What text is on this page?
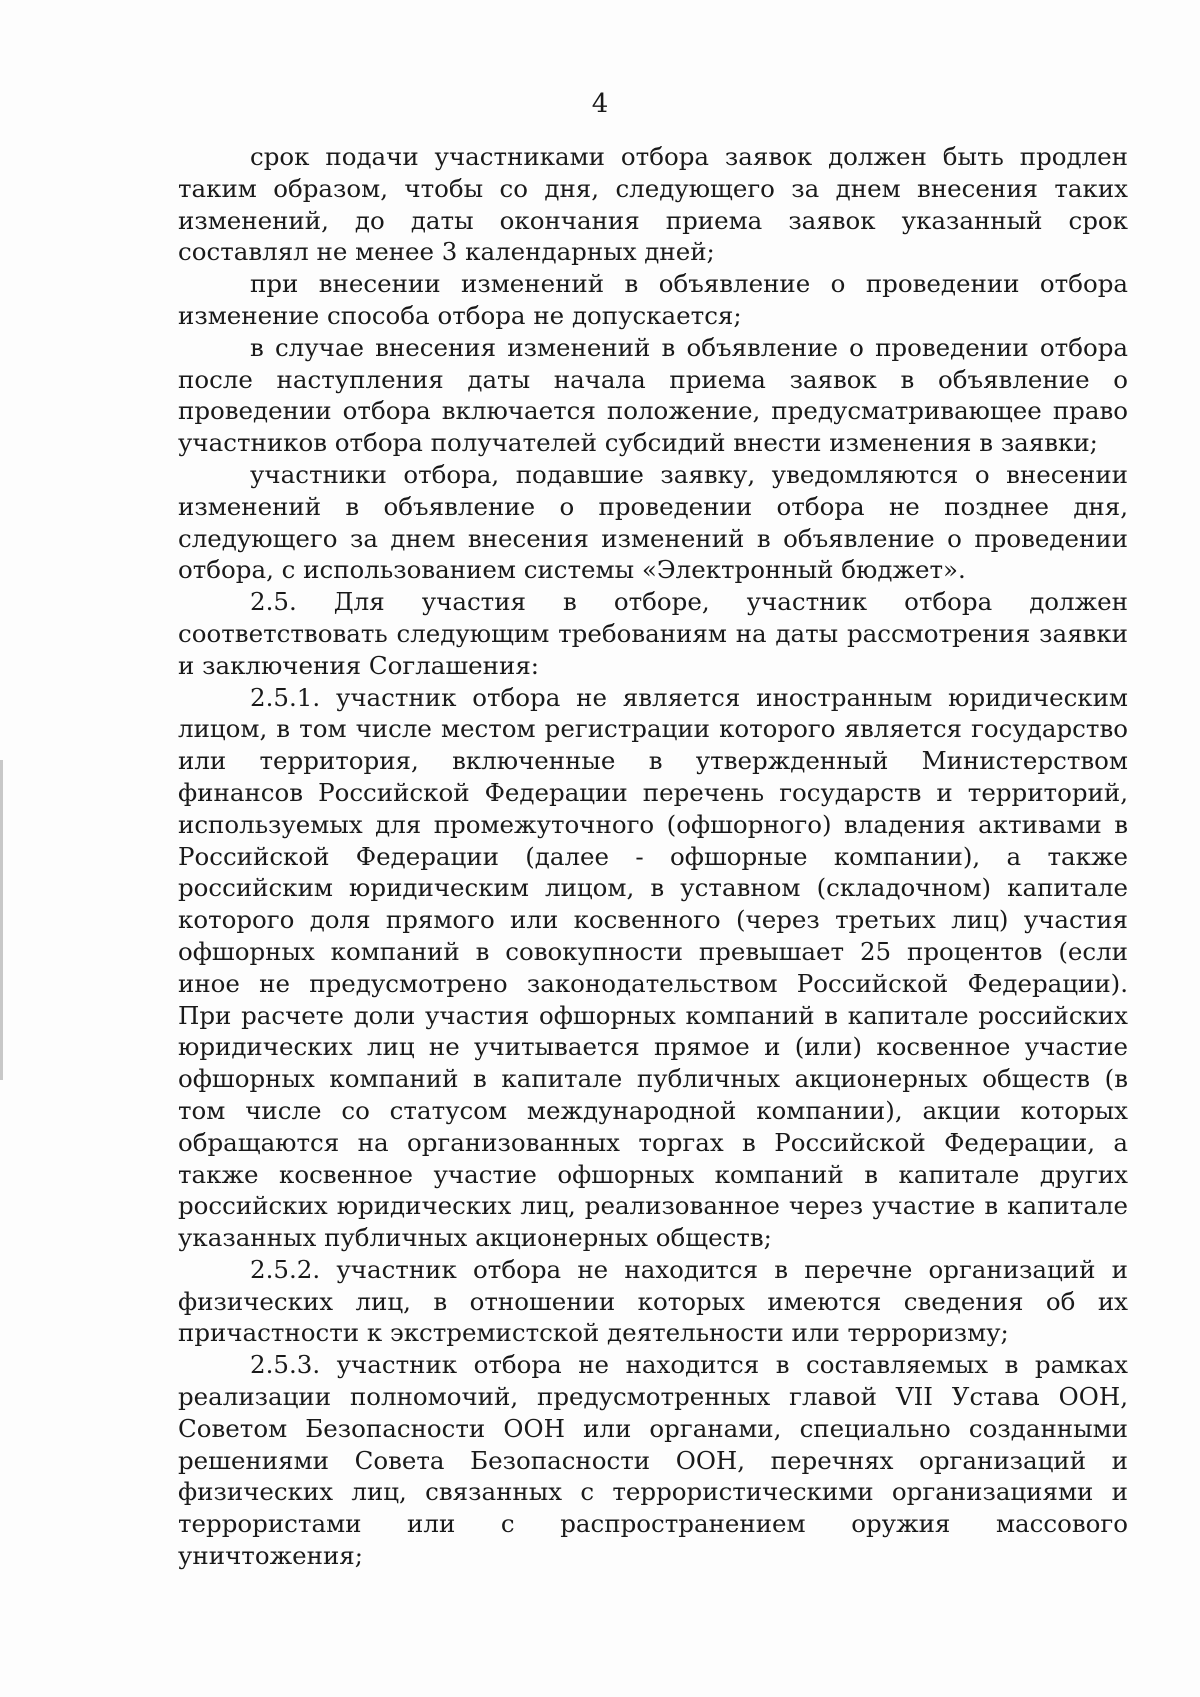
4

срок подачи участниками отбора заявок должен быть продлен таким образом, чтобы со дня, следующего за днем внесения таких изменений, до даты окончания приема заявок указанный срок составлял не менее 3 календарных дней;

при внесении изменений в объявление о проведении отбора изменение способа отбора не допускается;

в случае внесения изменений в объявление о проведении отбора после наступления даты начала приема заявок в объявление о проведении отбора включается положение, предусматривающее право участников отбора получателей субсидий внести изменения в заявки;

участники отбора, подавшие заявку, уведомляются о внесении изменений в объявление о проведении отбора не позднее дня, следующего за днем внесения изменений в объявление о проведении отбора, с использованием системы «Электронный бюджет».

2.5. Для участия в отборе, участник отбора должен соответствовать следующим требованиям на даты рассмотрения заявки и заключения Соглашения:

2.5.1. участник отбора не является иностранным юридическим лицом, в том числе местом регистрации которого является государство или территория, включенные в утвержденный Министерством финансов Российской Федерации перечень государств и территорий, используемых для промежуточного (офшорного) владения активами в Российской Федерации (далее - офшорные компании), а также российским юридическим лицом, в уставном (складочном) капитале которого доля прямого или косвенного (через третьих лиц) участия офшорных компаний в совокупности превышает 25 процентов (если иное не предусмотрено законодательством Российской Федерации). При расчете доли участия офшорных компаний в капитале российских юридических лиц не учитывается прямое и (или) косвенное участие офшорных компаний в капитале публичных акционерных обществ (в том числе со статусом международной компании), акции которых обращаются на организованных торгах в Российской Федерации, а также косвенное участие офшорных компаний в капитале других российских юридических лиц, реализованное через участие в капитале указанных публичных акционерных обществ;

2.5.2. участник отбора не находится в перечне организаций и физических лиц, в отношении которых имеются сведения об их причастности к экстремистской деятельности или терроризму;

2.5.3. участник отбора не находится в составляемых в рамках реализации полномочий, предусмотренных главой VII Устава ООН, Советом Безопасности ООН или органами, специально созданными решениями Совета Безопасности ООН, перечнях организаций и физических лиц, связанных с террористическими организациями и террористами или с распространением оружия массового уничтожения;
